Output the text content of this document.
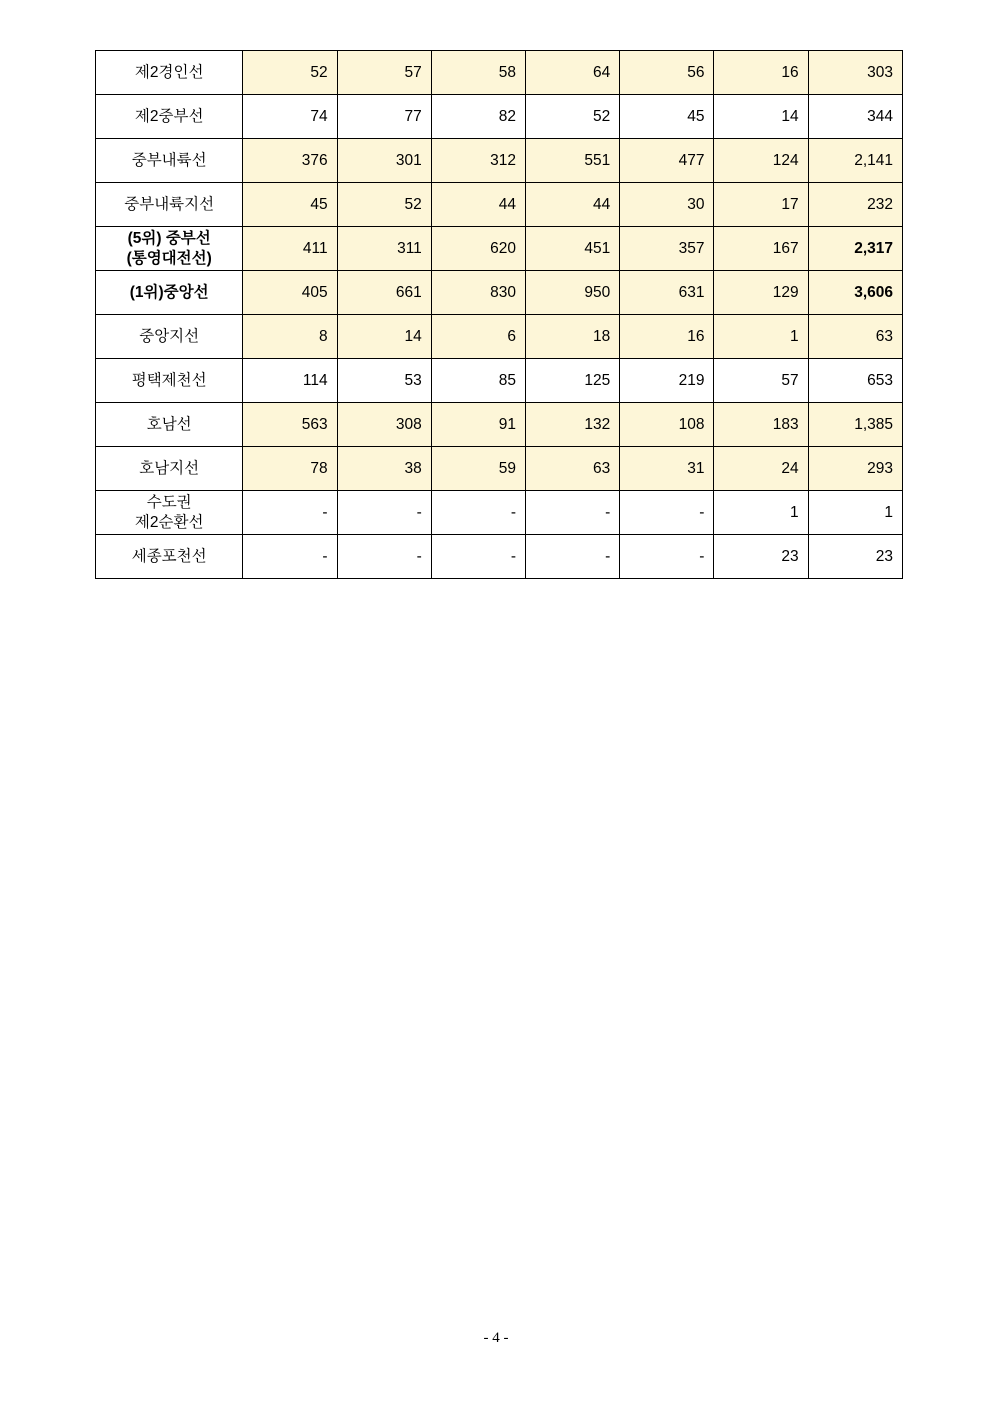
제2경인선	52	57	58	64	56	16	303
제2중부선	74	77	82	52	45	14	344
중부내륙선	376	301	312	551	477	124	2,141
중부내륙지선	45	52	44	44	30	17	232
(5위) 중부선
(통영대전선)	411	311	620	451	357	167	2,317
(1위)중앙선	405	661	830	950	631	129	3,606
중앙지선	8	14	6	18	16	1	63
평택제천선	114	53	85	125	219	57	653
호남선	563	308	91	132	108	183	1,385
호남지선	78	38	59	63	31	24	293
수도권
제2순환선	-	-	-	-	-	1	1
세종포천선	-	-	-	-	-	23	23
- 4 -
